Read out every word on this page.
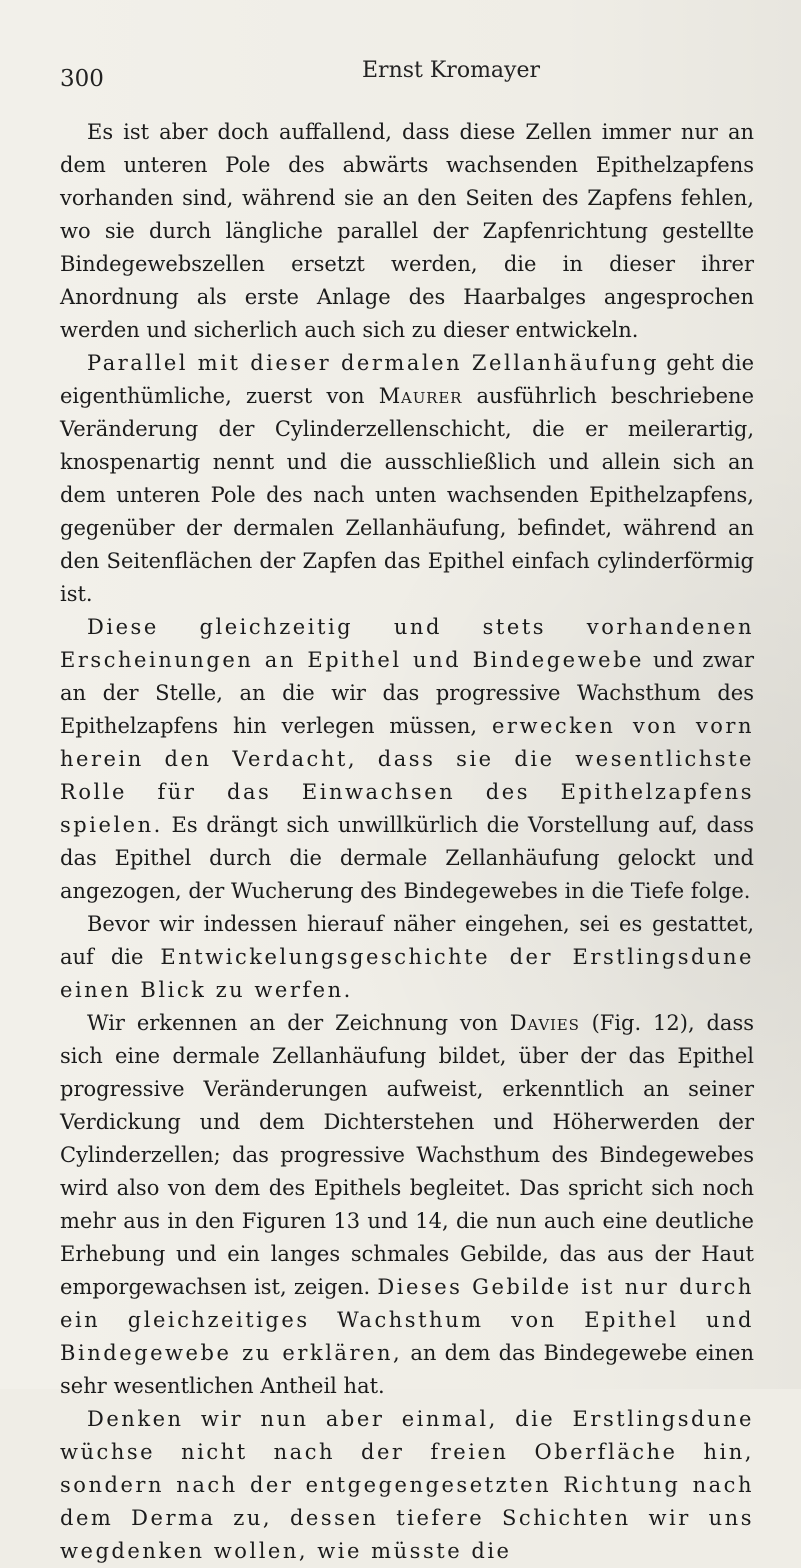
300	Ernst Kromayer

Es ist aber doch auffallend, dass diese Zellen immer nur an dem unteren Pole des abwärts wachsenden Epithelzapfens vorhanden sind, während sie an den Seiten des Zapfens fehlen, wo sie durch längliche parallel der Zapfenrichtung gestellte Bindegewebszellen ersetzt werden, die in dieser ihrer Anordnung als erste Anlage des Haarbalges angesprochen werden und sicherlich auch sich zu dieser entwickeln.

Parallel mit dieser dermalen Zellanhäufung geht die eigenthümliche, zuerst von Maurer ausführlich beschriebene Veränderung der Cylinderzellenschicht, die er meilerartig, knospenartig nennt und die ausschließlich und allein sich an dem unteren Pole des nach unten wachsenden Epithelzapfens, gegenüber der dermalen Zellanhäufung, befindet, während an den Seitenflächen der Zapfen das Epithel einfach cylinderförmig ist.

Diese gleichzeitig und stets vorhandenen Erscheinungen an Epithel und Bindegewebe und zwar an der Stelle, an die wir das progressive Wachsthum des Epithelzapfens hin verlegen müssen, erwecken von vorn herein den Verdacht, dass sie die wesentlichste Rolle für das Einwachsen des Epithelzapfens spielen. Es drängt sich unwillkürlich die Vorstellung auf, dass das Epithel durch die dermale Zellanhäufung gelockt und angezogen, der Wucherung des Bindegewebes in die Tiefe folge.

Bevor wir indessen hierauf näher eingehen, sei es gestattet, auf die Entwickelungsgeschichte der Erstlingsdune einen Blick zu werfen.

Wir erkennen an der Zeichnung von Davies (Fig. 12), dass sich eine dermale Zellanhäufung bildet, über der das Epithel progressive Veränderungen aufweist, erkenntlich an seiner Verdickung und dem Dichterstehen und Höherwerden der Cylinderzellen; das progressive Wachsthum des Bindegewebes wird also von dem des Epithels begleitet. Das spricht sich noch mehr aus in den Figuren 13 und 14, die nun auch eine deutliche Erhebung und ein langes schmales Gebilde, das aus der Haut emporgewachsen ist, zeigen. Dieses Gebilde ist nur durch ein gleichzeitiges Wachsthum von Epithel und Bindegewebe zu erklären, an dem das Bindegewebe einen sehr wesentlichen Antheil hat.

Denken wir nun aber einmal, die Erstlingsdune wüchse nicht nach der freien Oberfläche hin, sondern nach der entgegengesetzten Richtung nach dem Derma zu, dessen tiefere Schichten wir uns wegdenken wollen, wie müsste die
